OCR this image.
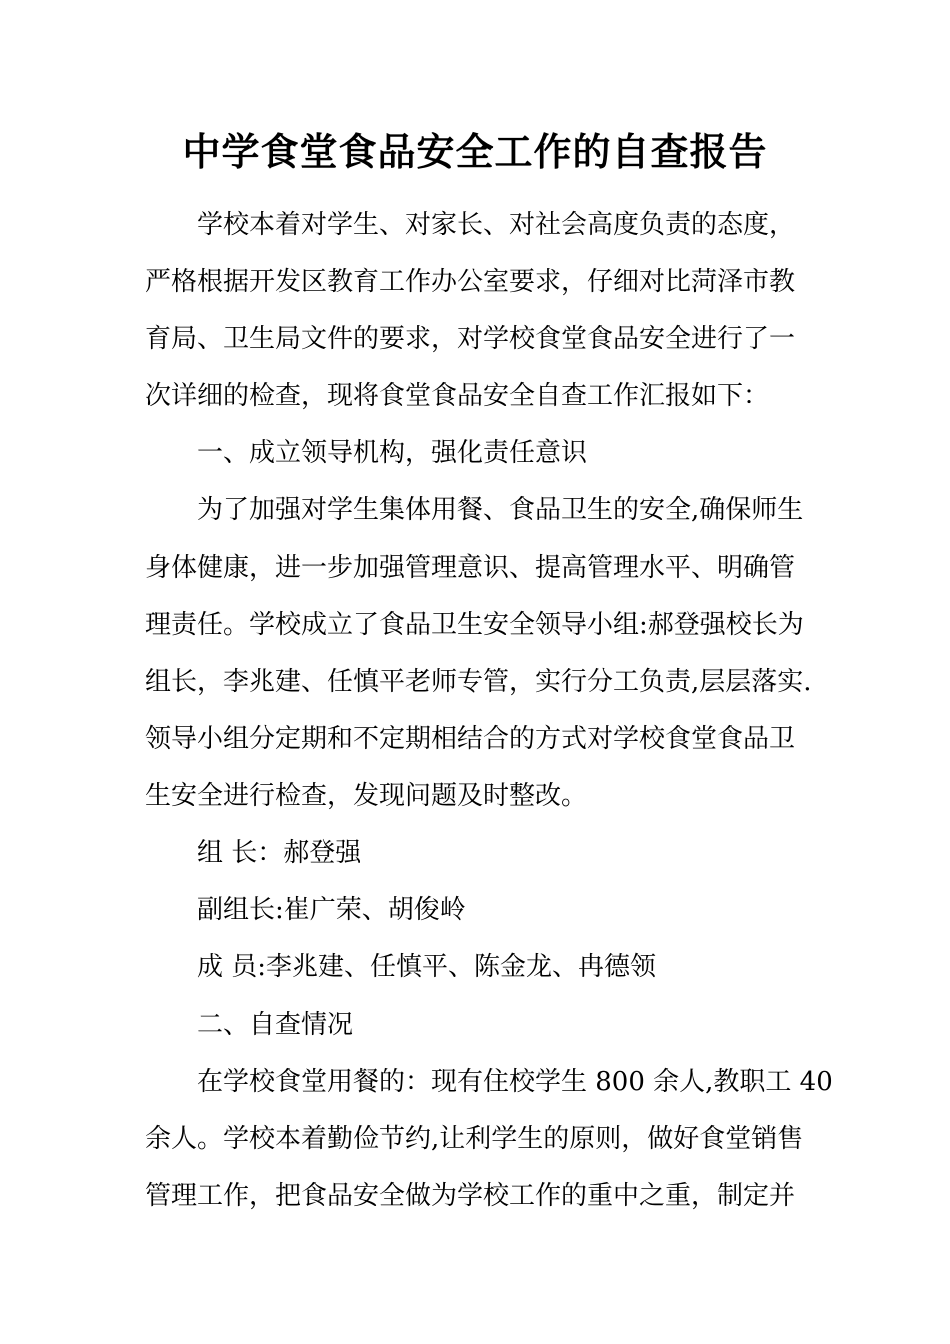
中学食堂食品安全工作的自查报告
学校本着对学生、对家长、对社会高度负责的态度，
严格根据开发区教育工作办公室要求，仔细对比菏泽市教
育局、卫生局文件的要求，对学校食堂食品安全进行了一
次详细的检查，现将食堂食品安全自查工作汇报如下：
一、成立领导机构，强化责任意识
为了加强对学生集体用餐、食品卫生的安全,确保师生
身体健康，进一步加强管理意识、提高管理水平、明确管
理责任。学校成立了食品卫生安全领导小组:郝登强校长为
组长，李兆建、任慎平老师专管，实行分工负责,层层落实.
领导小组分定期和不定期相结合的方式对学校食堂食品卫
生安全进行检查，发现问题及时整改。
组 长：郝登强
副组长:崔广荣、胡俊岭
成 员:李兆建、任慎平、陈金龙、冉德领
二、自查情况
在学校食堂用餐的：现有住校学生 800 余人,教职工 40
余人。学校本着勤俭节约,让利学生的原则，做好食堂销售
管理工作，把食品安全做为学校工作的重中之重，制定并
